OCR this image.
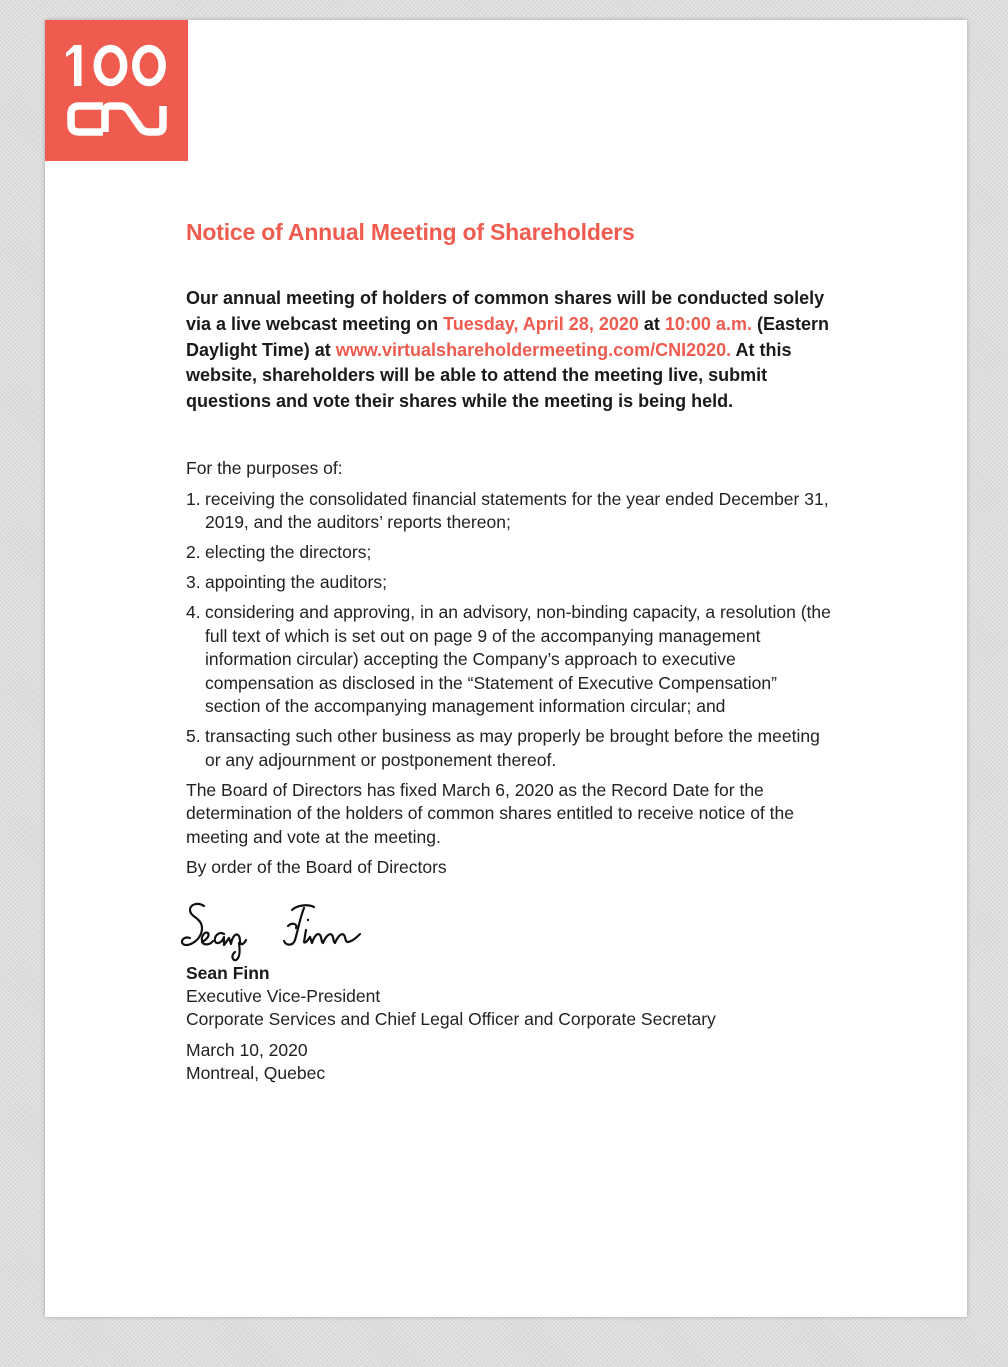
Notice of Annual Meeting of Shareholders

Our annual meeting of holders of common shares will be conducted solely via a live webcast meeting on Tuesday, April 28, 2020 at 10:00 a.m. (Eastern Daylight Time) at www.virtualshareholdermeeting.com/CNI2020. At this website, shareholders will be able to attend the meeting live, submit questions and vote their shares while the meeting is being held.

For the purposes of:

1. receiving the consolidated financial statements for the year ended December 31, 2019, and the auditors’ reports thereon;
2. electing the directors;
3. appointing the auditors;
4. considering and approving, in an advisory, non-binding capacity, a resolution (the full text of which is set out on page 9 of the accompanying management information circular) accepting the Company’s approach to executive compensation as disclosed in the “Statement of Executive Compensation” section of the accompanying management information circular; and
5. transacting such other business as may properly be brought before the meeting or any adjournment or postponement thereof.

The Board of Directors has fixed March 6, 2020 as the Record Date for the determination of the holders of common shares entitled to receive notice of the meeting and vote at the meeting.

By order of the Board of Directors

Sean Finn

Executive Vice-President

Corporate Services and Chief Legal Officer and Corporate Secretary

March 10, 2020

Montreal, Quebec
